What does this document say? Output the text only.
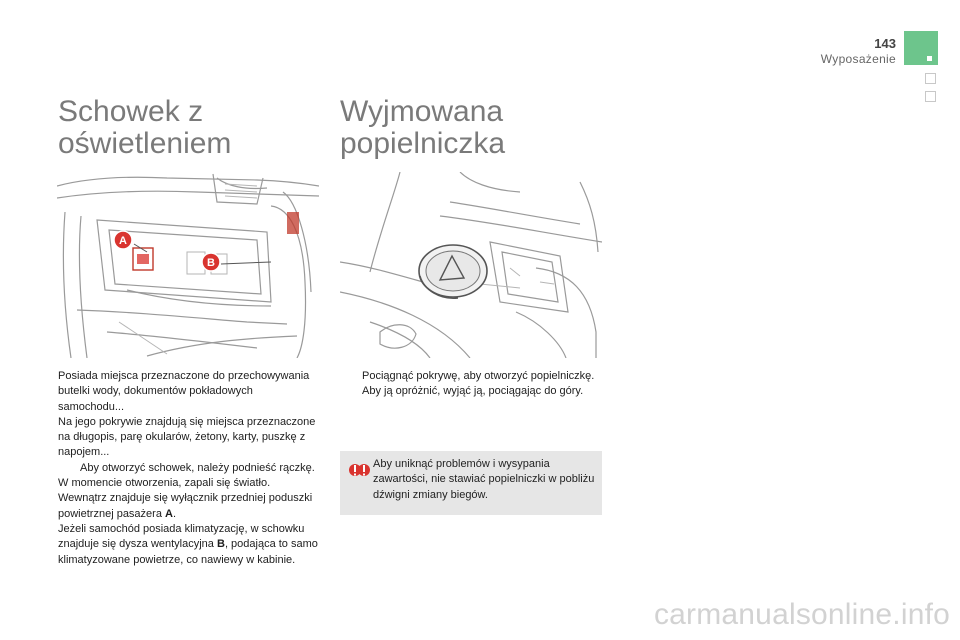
143
Wyposażenie
Schowek z
oświetleniem
A
B

Posiada miejsca przeznaczone do przechowywania butelki wody, dokumentów pokładowych samochodu...

Na jego pokrywie znajdują się miejsca przeznaczone na długopis, parę okularów, żetony, karty, puszkę z napojem...

Aby otworzyć schowek, należy podnieść rączkę.

W momencie otworzenia, zapali się światło.

Wewnątrz znajduje się wyłącznik przedniej poduszki powietrznej pasażera A.

Jeżeli samochód posiada klimatyzację, w schowku znajduje się dysza wentylacyjna B, podająca to samo klimatyzowane powietrze, co nawiewy w kabinie.

Wyjmowana
popielniczka
Pociągnąć pokrywę, aby otworzyć popielniczkę.
Aby ją opróżnić, wyjąć ją, pociągając do góry.
Aby uniknąć problemów i wysypania zawartości, nie stawiać popielniczki w pobliżu dźwigni zmiany biegów.
carmanualsonline.info
